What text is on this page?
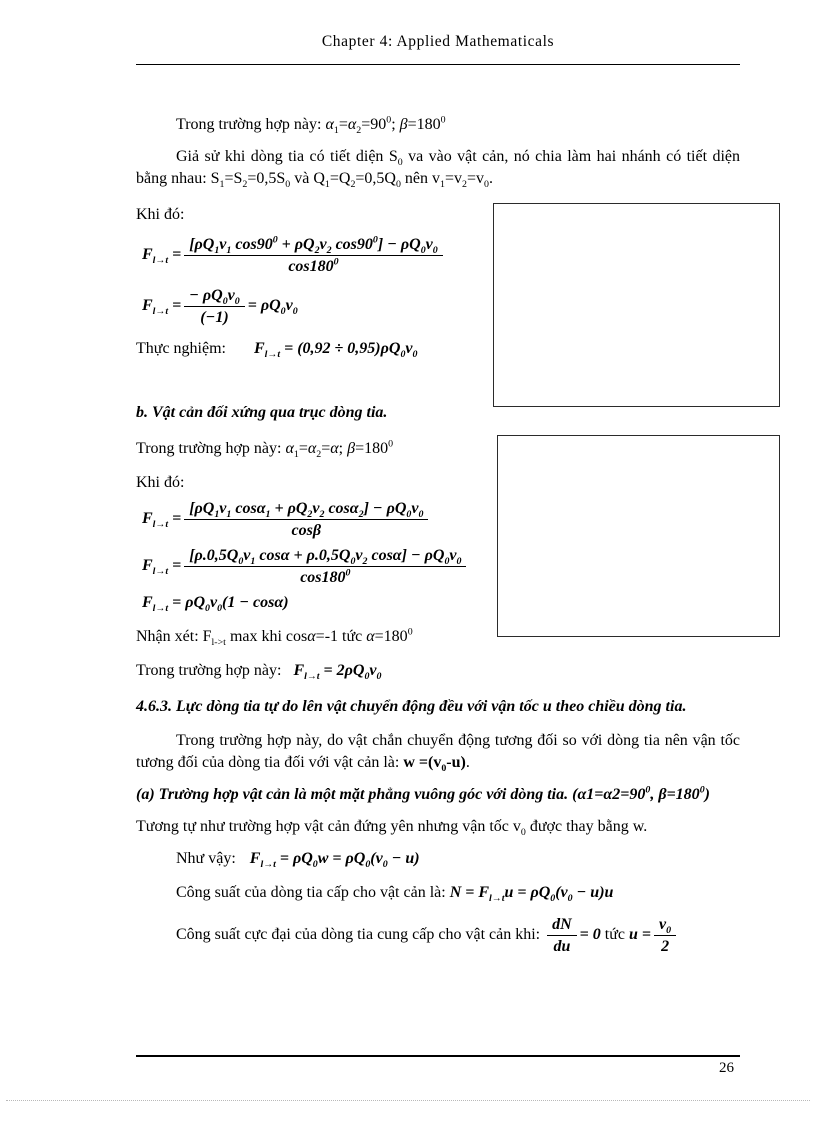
Chapter 4: Applied Mathematicals

Trong trường hợp này: $\alpha_1=\alpha_2=90^0$; $\beta=180^0$

Giả sử khi dòng tia có tiết diện $S_0$ va vào vật cản, nó chia làm hai nhánh có tiết diện bằng nhau: $S_1=S_2=0,5S_0$ và $Q_1=Q_2=0,5Q_0$ nên $v_1=v_2=v_0$.

Khi đó:

$F_{l\to t} = \frac{[\rho Q_1v_1 \cos 90^0 + \rho Q_2v_2 \cos 90^0] - \rho Q_0v_0}{\cos 180^0}$
$F_{l\to t} = \frac{- \rho Q_0v_0}{(-1)} = \rho Q_0v_0$
Thực nghiệm: $F_{l\to t} = (0,92 \div 0,95)\rho Q_0v_0$

b. Vật cản đối xứng qua trục dòng tia.

Trong trường hợp này: $\alpha_1=\alpha_2=\alpha$; $\beta=180^0$

Khi đó:

$F_{l\to t} = \frac{[\rho Q_1v_1 \cos\alpha_1 + \rho Q_2v_2 \cos\alpha_2] - \rho Q_0v_0}{\cos\beta}$
$F_{l\to t} = \frac{[\rho.0,5Q_0v_1 \cos\alpha + \rho.0,5Q_0v_2 \cos\alpha] - \rho Q_0v_0}{\cos 180^0}$
$F_{l\to t} = \rho Q_0v_0(1 - \cos\alpha)$

Nhận xét: $F_{l->t}$ max khi cosα=-1 tức $\alpha=180^0$

Trong trường hợp này: $F_{l\to t} = 2\rho Q_0v_0$

4.6.3. Lực dòng tia tự do lên vật chuyển động đều với vận tốc u theo chiều dòng tia.

Trong trường hợp này, do vật chắn chuyển động tương đối so với dòng tia nên vận tốc tương đối của dòng tia đối với vật cản là: $w =(v_0-u)$.

(a) Trường hợp vật cản là một mặt phẳng vuông góc với dòng tia. ($\alpha 1=\alpha 2=90^0$, $\beta=180^0$)

Tương tự như trường hợp vật cản đứng yên nhưng vận tốc $v_0$ được thay bằng w.

Như vậy: $F_{l\to t} = \rho Q_0w = \rho Q_0(v_0 - u)$
Công suất của dòng tia cấp cho vật cản là: $N = F_{l\to t}u = \rho Q_0(v_0 - u)u$
Công suất cực đại của dòng tia cung cấp cho vật cản khi: $\frac{dN}{du} = 0$ tức $u = \frac{v_0}{2}$
26
